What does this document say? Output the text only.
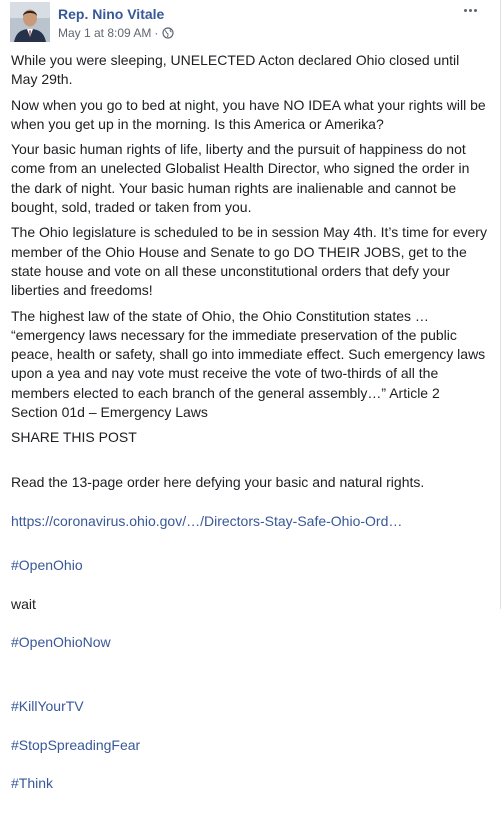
Rep. Nino Vitale
May 1 at 8:09 AM ·

While you were sleeping, UNELECTED Acton declared Ohio closed until May 29th.

Now when you go to bed at night, you have NO IDEA what your rights will be when you get up in the morning. Is this America or Amerika?

Your basic human rights of life, liberty and the pursuit of happiness do not come from an unelected Globalist Health Director, who signed the order in the dark of night. Your basic human rights are inalienable and cannot be bought, sold, traded or taken from you.

The Ohio legislature is scheduled to be in session May 4th. It’s time for every member of the Ohio House and Senate to go DO THEIR JOBS, get to the state house and vote on all these unconstitutional orders that defy your liberties and freedoms!

The highest law of the state of Ohio, the Ohio Constitution states …
“emergency laws necessary for the immediate preservation of the public peace, health or safety, shall go into immediate effect. Such emergency laws upon a yea and nay vote must receive the vote of two-thirds of all the members elected to each branch of the general assembly…” Article 2 Section 01d – Emergency Laws

SHARE THIS POST

Read the 13-page order here defying your basic and natural rights.

https://coronavirus.ohio.gov/…/Directors-Stay-Safe-Ohio-Ord…

#OpenOhio

wait

#OpenOhioNow

#KillYourTV

#StopSpreadingFear

#Think
